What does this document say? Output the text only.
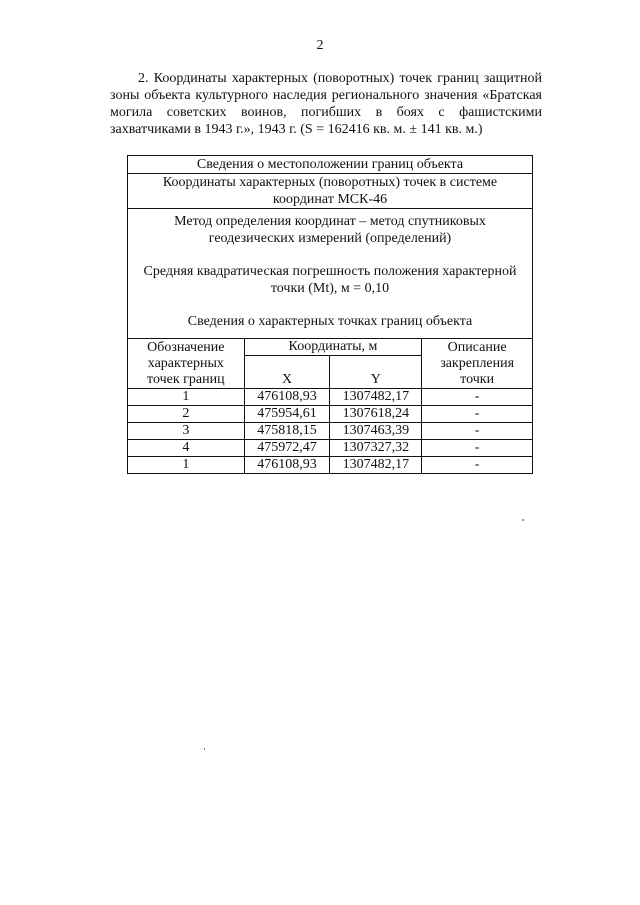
2
2. Координаты характерных (поворотных) точек границ защитной зоны объекта культурного наследия регионального значения «Братская могила советских воинов, погибших в боях с фашистскими захватчиками в 1943 г.», 1943 г. (S = 162416 кв. м. ± 141 кв. м.)
Сведения о местоположении границ объекта			
Координаты характерных (поворотных) точек в системе координат МСК-46			

Метод определения координат – метод спутниковых геодезических измерений (определений)

Средняя квадратическая погрешность положения характерной точки (Mt), м = 0,10

Сведения о характерных точках границ объекта			

Обозначение характерных точек границ	Координаты, м		Описание закрепления точки
	X	Y	
1	476108,93	1307482,17	-
2	475954,61	1307618,24	-
3	475818,15	1307463,39	-
4	475972,47	1307327,32	-
1	476108,93	1307482,17	-
